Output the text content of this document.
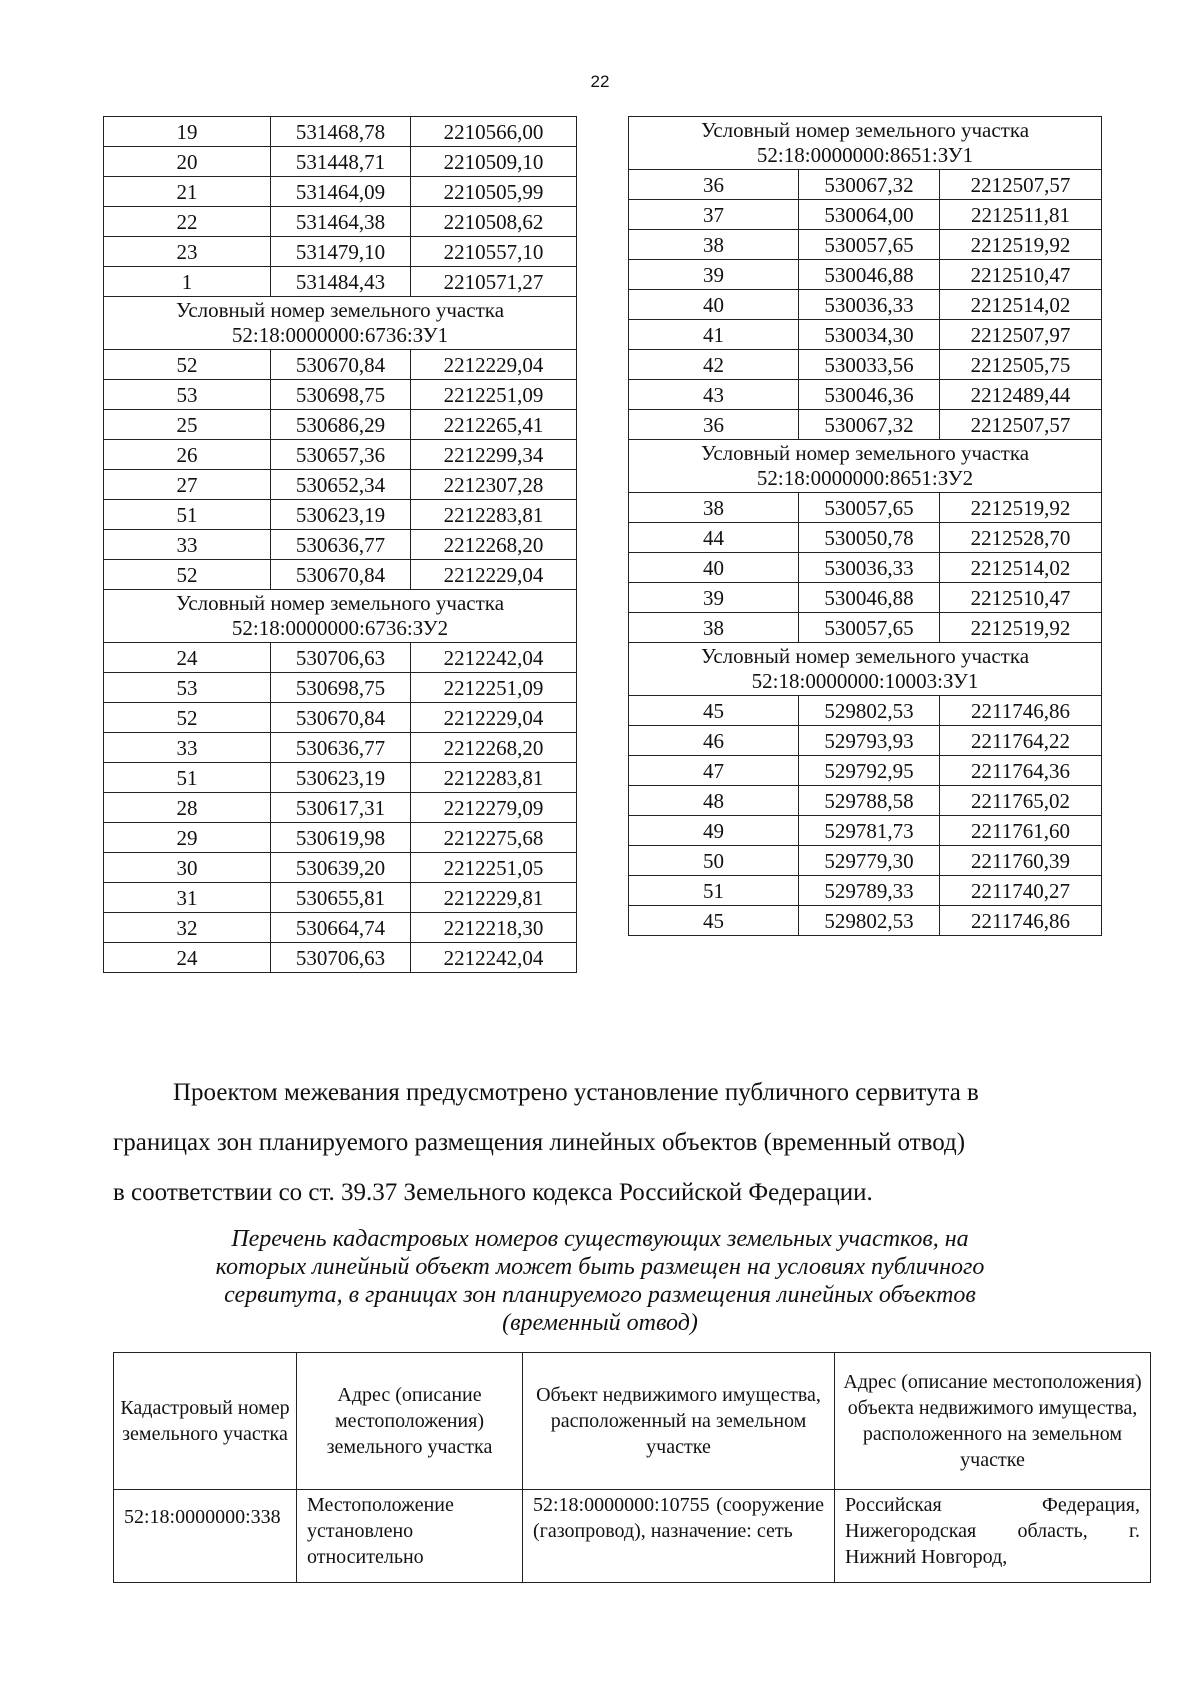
22
19	531468,78	2210566,00
20	531448,71	2210509,10
21	531464,09	2210505,99
22	531464,38	2210508,62
23	531479,10	2210557,10
1	531484,43	2210571,27

Условный номер земельного участка
52:18:0000000:6736:ЗУ1		

52	530670,84	2212229,04
53	530698,75	2212251,09
25	530686,29	2212265,41
26	530657,36	2212299,34
27	530652,34	2212307,28
51	530623,19	2212283,81
33	530636,77	2212268,20
52	530670,84	2212229,04

Условный номер земельного участка
52:18:0000000:6736:ЗУ2		

24	530706,63	2212242,04
53	530698,75	2212251,09
52	530670,84	2212229,04
33	530636,77	2212268,20
51	530623,19	2212283,81
28	530617,31	2212279,09
29	530619,98	2212275,68
30	530639,20	2212251,05
31	530655,81	2212229,81
32	530664,74	2212218,30
24	530706,63	2212242,04
Условный номер земельного участка
52:18:0000000:8651:ЗУ1		

36	530067,32	2212507,57
37	530064,00	2212511,81
38	530057,65	2212519,92
39	530046,88	2212510,47
40	530036,33	2212514,02
41	530034,30	2212507,97
42	530033,56	2212505,75
43	530046,36	2212489,44
36	530067,32	2212507,57

Условный номер земельного участка
52:18:0000000:8651:ЗУ2		

38	530057,65	2212519,92
44	530050,78	2212528,70
40	530036,33	2212514,02
39	530046,88	2212510,47
38	530057,65	2212519,92

Условный номер земельного участка
52:18:0000000:10003:ЗУ1		

45	529802,53	2211746,86
46	529793,93	2211764,22
47	529792,95	2211764,36
48	529788,58	2211765,02
49	529781,73	2211761,60
50	529779,30	2211760,39
51	529789,33	2211740,27
45	529802,53	2211746,86

Проектом межевания предусмотрено установление публичного сервитута в

границах зон планируемого размещения линейных объектов (временный отвод)

в соответствии со ст. 39.37 Земельного кодекса Российской Федерации.

Перечень кадастровых номеров существующих земельных участков, на
которых линейный объект может быть размещен на условиях публичного
сервитута, в границах зон планируемого размещения линейных объектов
(временный отвод)
Кадастровый номер земельного участка	Адрес (описание местоположения) земельного участка	Объект недвижимого имущества, расположенный на земельном участке	Адрес (описание местоположения) объекта недвижимого имущества, расположенного на земельном участке

52:18:0000000:338	Местоположение установлено относительно	52:18:0000000:10755 (сооружение (газопровод), назначение: сеть	Российская Федерация, Нижегородская область, г. Нижний Новгород,
